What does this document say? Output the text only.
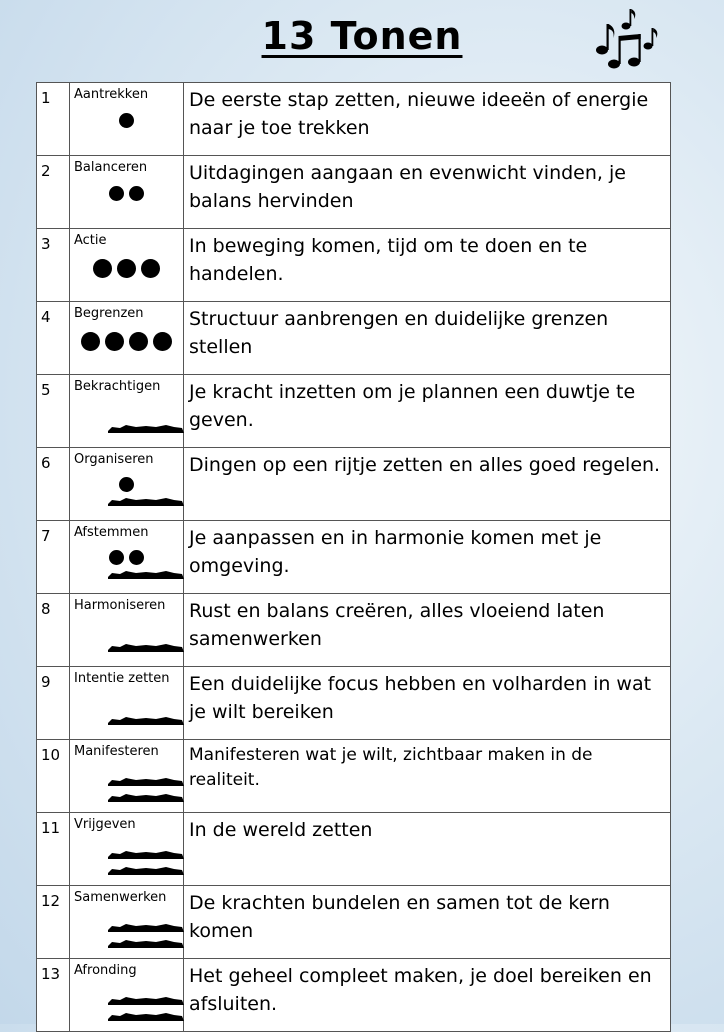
13 Tonen
1	Aantrekken	De eerste stap zetten, nieuwe ideeën of energie naar je toe trekken
2	Balanceren	Uitdagingen aangaan en evenwicht vinden, je balans hervinden
3	Actie	In beweging komen, tijd om te doen en te handelen.
4	Begrenzen	Structuur aanbrengen en duidelijke grenzen stellen
5	Bekrachtigen	Je kracht inzetten om je plannen een duwtje te geven.
6	Organiseren	Dingen op een rijtje zetten en alles goed regelen.
7	Afstemmen	Je aanpassen en in harmonie komen met je omgeving.
8	Harmoniseren	Rust en balans creëren, alles vloeiend laten samenwerken
9	Intentie zetten	Een duidelijke focus hebben en volharden in wat je wilt bereiken
10	Manifesteren	Manifesteren wat je wilt, zichtbaar maken in de realiteit.
11	Vrijgeven	In de wereld zetten
12	Samenwerken	De krachten bundelen en samen tot de kern komen
13	Afronding	Het geheel compleet maken, je doel bereiken en afsluiten.
